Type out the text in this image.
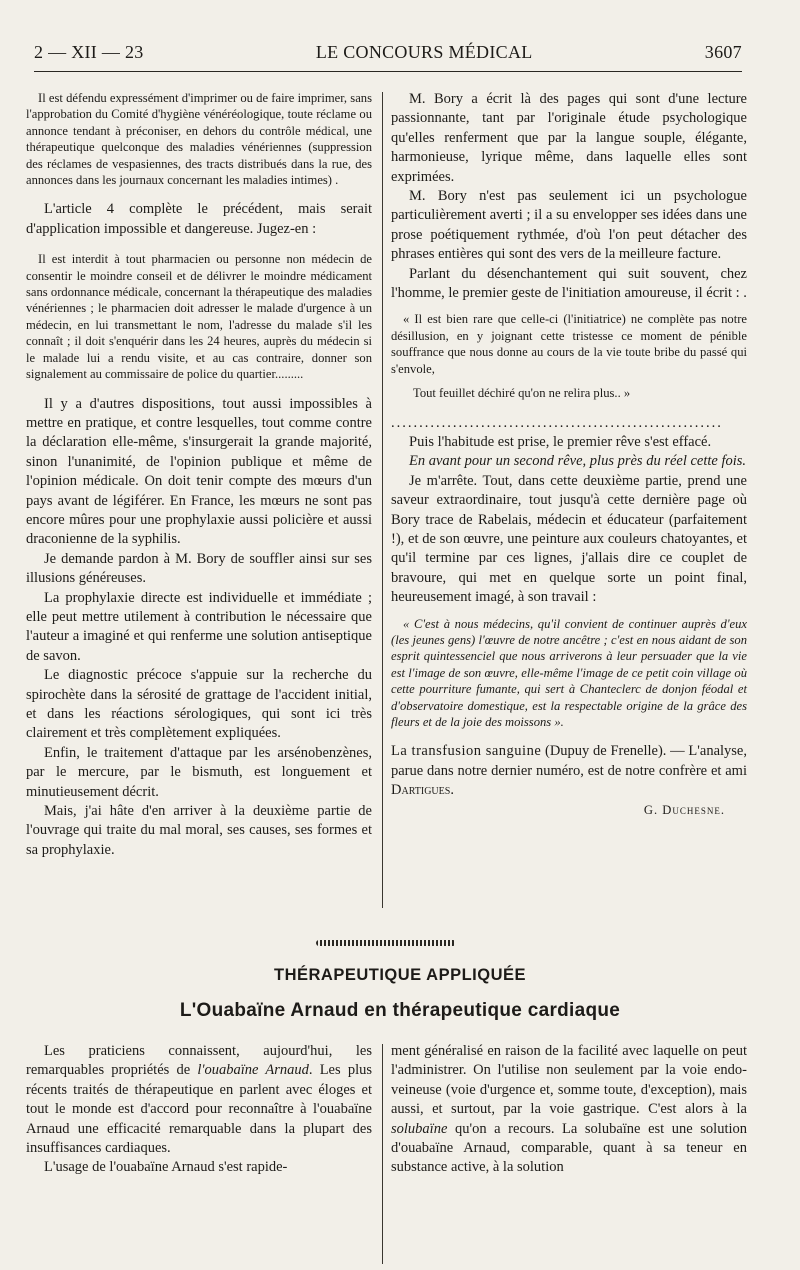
2 — XII — 23	LE CONCOURS MÉDICAL	3607

Il est défendu expressément d'imprimer ou de faire imprimer, sans l'approbation du Comité d'hygiène vénéréologique, toute réclame ou annonce tendant à préconiser, en dehors du contrôle médical, une thérapeutique quelconque des maladies vénériennes (suppression des réclames de vespasiennes, des tracts distribués dans la rue, des annonces dans les journaux concernant les maladies intimes) .

L'article 4 complète le précédent, mais serait d'application impossible et dangereuse. Jugez-en :

Il est interdit à tout pharmacien ou personne non médecin de consentir le moindre conseil et de délivrer le moindre médicament sans ordonnance médicale, concernant la thérapeutique des maladies vénériennes ; le pharmacien doit adresser le malade d'urgence à un médecin, en lui transmettant le nom, l'adresse du malade s'il les connaît ; il doit s'enquérir dans les 24 heures, auprès du médecin si le malade lui a rendu visite, et au cas contraire, donner son signalement au commissaire de police du quartier.........

Il y a d'autres dispositions, tout aussi impossibles à mettre en pratique, et contre lesquelles, tout comme contre la déclaration elle-même, s'insurgerait la grande majorité, sinon l'unanimité, de l'opinion publique et même de l'opinion médicale. On doit tenir compte des mœurs d'un pays avant de légiférer. En France, les mœurs ne sont pas encore mûres pour une prophylaxie aussi policière et aussi draconienne de la syphilis.

Je demande pardon à M. Bory de souffler ainsi sur ses illusions généreuses.

La prophylaxie directe est individuelle et immédiate ; elle peut mettre utilement à contribution le nécessaire que l'auteur a imaginé et qui renferme une solution antiseptique de savon.

Le diagnostic précoce s'appuie sur la recherche du spirochète dans la sérosité de grattage de l'accident initial, et dans les réactions sérologiques, qui sont ici très clairement et très complètement expliquées.

Enfin, le traitement d'attaque par les arsénobenzènes, par le mercure, par le bismuth, est longuement et minutieusement décrit.

Mais, j'ai hâte d'en arriver à la deuxième partie de l'ouvrage qui traite du mal moral, ses causes, ses formes et sa prophylaxie.

M. Bory a écrit là des pages qui sont d'une lecture passionnante, tant par l'originale étude psychologique qu'elles renferment que par la langue souple, élégante, harmonieuse, lyrique même, dans laquelle elles sont exprimées.

M. Bory n'est pas seulement ici un psychologue particulièrement averti ; il a su envelopper ses idées dans une prose poétiquement rythmée, d'où l'on peut détacher des phrases entières qui sont des vers de la meilleure facture.

Parlant du désenchantement qui suit souvent, chez l'homme, le premier geste de l'initiation amoureuse, il écrit : .

« Il est bien rare que celle-ci (l'initiatrice) ne complète pas notre désillusion, en y joignant cette tristesse ce moment de pénible souffrance que nous donne au cours de la vie toute bribe du passé qui s'envole,

Tout feuillet déchiré qu'on ne relira plus.. »

...........................................................

Puis l'habitude est prise, le premier rêve s'est effacé.

En avant pour un second rêve, plus près du réel cette fois.

Je m'arrête. Tout, dans cette deuxième partie, prend une saveur extraordinaire, tout jusqu'à cette dernière page où Bory trace de Rabelais, médecin et éducateur (parfaitement !), et de son œuvre, une peinture aux couleurs chatoyantes, et qu'il termine par ces lignes, j'allais dire ce couplet de bravoure, qui met en quelque sorte un point final, heureusement imagé, à son travail :

« C'est à nous médecins, qu'il convient de continuer auprès d'eux (les jeunes gens) l'œuvre de notre ancêtre ; c'est en nous aidant de son esprit quintessenciel que nous arriverons à leur persuader que la vie est l'image de son œuvre, elle-même l'image de ce petit coin village où cette pourriture fumante, qui sert à Chanteclerc de donjon féodal et d'observatoire domestique, est la respectable origine de la grâce des fleurs et de la joie des moissons ».

La transfusion sanguine (Dupuy de Frenelle). — L'analyse, parue dans notre dernier numéro, est de notre confrère et ami Dartigues.

G. Duchesne.

THÉRAPEUTIQUE APPLIQUÉE
L'Ouabaïne Arnaud en thérapeutique cardiaque

Les praticiens connaissent, aujourd'hui, les remarquables propriétés de l'ouabaïne Arnaud. Les plus récents traités de thérapeutique en parlent avec éloges et tout le monde est d'accord pour reconnaître à l'ouabaïne Arnaud une efficacité remarquable dans la plupart des insuffisances cardiaques.

L'usage de l'ouabaïne Arnaud s'est rapide-

ment généralisé en raison de la facilité avec laquelle on peut l'administrer. On l'utilise non seulement par la voie endo-veineuse (voie d'urgence et, somme toute, d'exception), mais aussi, et surtout, par la voie gastrique. C'est alors à la solubaïne qu'on a recours. La solubaïne est une solution d'ouabaïne Arnaud, comparable, quant à sa teneur en substance active, à la solution
